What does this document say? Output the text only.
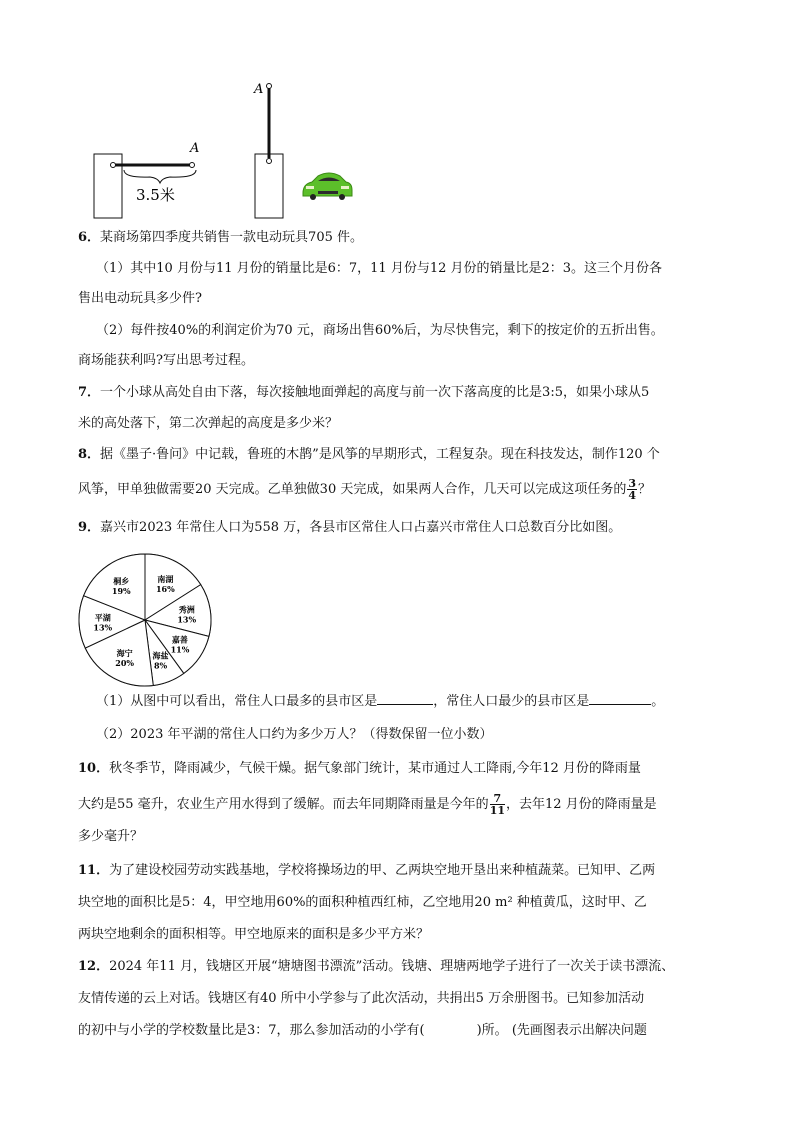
A
3.5米
A
6．某商场第四季度共销售一款电动玩具705 件。
（1）其中10 月份与11 月份的销量比是6：7，11 月份与12 月份的销量比是2：3。这三个月份各
售出电动玩具多少件?
（2）每件按40%的利润定价为70 元，商场出售60%后，为尽快售完，剩下的按定价的五折出售。
商场能获利吗?写出思考过程。
7．一个小球从高处自由下落，每次接触地面弹起的高度与前一次下落高度的比是3:5，如果小球从5
米的高处落下，第二次弹起的高度是多少米？
8．据《墨子·鲁问》中记载，鲁班的木鹊”是风筝的早期形式，工程复杂。现在科技发达，制作120 个
风筝，甲单独做需要20 天完成。乙单独做30 天完成，如果两人合作，几天可以完成这项任务的 $\frac{3}{4}$ ？
9．嘉兴市2023 年常住人口为558 万，各县市区常住人口占嘉兴市常住人口总数百分比如图。
南湖
16%
秀洲
13%
嘉善
11%
海盐
8%
海宁
20%
平湖
13%
桐乡
19%
（1）从图中可以看出，常住人口最多的县市区是	，常住人口最少的县市区是	。
（2）2023 年平湖的常住人口约为多少万人？（得数保留一位小数）
10．秋冬季节，降雨减少，气候干燥。据气象部门统计，某市通过人工降雨,今年12 月份的降雨量
大约是55 毫升，农业生产用水得到了缓解。而去年同期降雨量是今年的 $\frac{7}{11}$ ，去年12 月份的降雨量是
多少毫升？
11．为了建设校园劳动实践基地，学校将操场边的甲、乙两块空地开垦出来种植蔬菜。已知甲、乙两
块空地的面积比是5：4，甲空地用60%的面积种植西红柿，乙空地用20 m² 种植黄瓜，这时甲、乙
两块空地剩余的面积相等。甲空地原来的面积是多少平方米？
12．2024 年11 月，钱塘区开展“塘塘图书漂流”活动。钱塘、理塘两地学子进行了一次关于读书漂流、
友情传递的云上对话。钱塘区有40 所中小学参与了此次活动，共捐出5 万余册图书。已知参加活动
的初中与小学的学校数量比是3：7，那么参加活动的小学有(　　　　)所。 (先画图表示出解决问题
